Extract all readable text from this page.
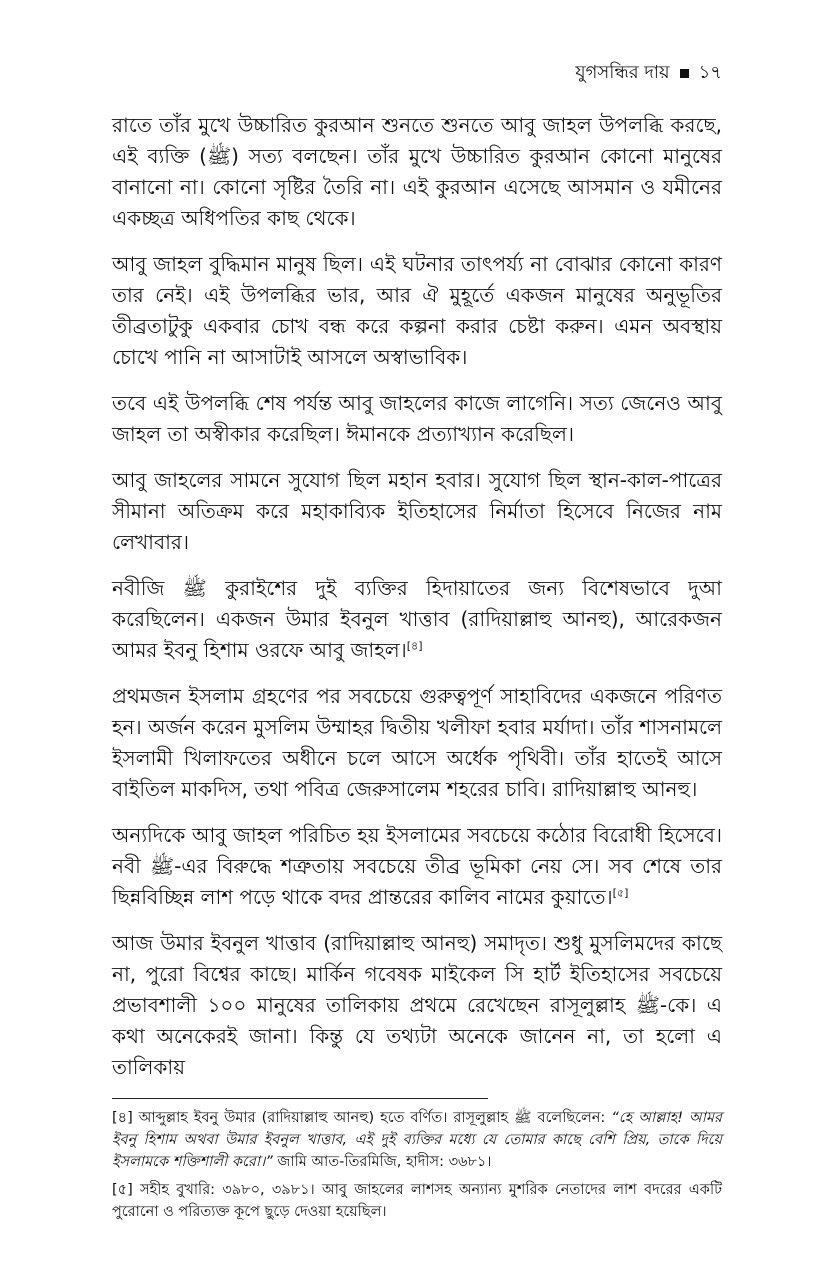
যুগসন্ধির দায় ১৭

রাতে তাঁর মুখে উচ্চারিত কুরআন শুনতে শুনতে আবু জাহল উপলব্ধি করছে, এই ব্যক্তি (ﷺ) সত্য বলছেন। তাঁর মুখে উচ্চারিত কুরআন কোনো মানুষের বানানো না। কোনো সৃষ্টির তৈরি না। এই কুরআন এসেছে আসমান ও যমীনের একচ্ছত্র অধিপতির কাছ থেকে।

আবু জাহল বুদ্ধিমান মানুষ ছিল। এই ঘটনার তাৎপর্য্য না বোঝার কোনো কারণ তার নেই। এই উপলব্ধির ভার, আর ঐ মুহূর্তে একজন মানুষের অনুভূতির তীব্রতাটুকু একবার চোখ বন্ধ করে কল্পনা করার চেষ্টা করুন। এমন অবস্থায় চোখে পানি না আসাটাই আসলে অস্বাভাবিক।

তবে এই উপলব্ধি শেষ পর্যন্ত আবু জাহলের কাজে লাগেনি। সত্য জেনেও আবু জাহল তা অস্বীকার করেছিল। ঈমানকে প্রত্যাখ্যান করেছিল।

আবু জাহলের সামনে সুযোগ ছিল মহান হবার। সুযোগ ছিল স্থান-কাল-পাত্রের সীমানা অতিক্রম করে মহাকাব্যিক ইতিহাসের নির্মাতা হিসেবে নিজের নাম লেখাবার।

নবীজি ﷺ কুরাইশের দুই ব্যক্তির হিদায়াতের জন্য বিশেষভাবে দুআ করেছিলেন। একজন উমার ইবনুল খাত্তাব (রাদিয়াল্লাহু আনহু), আরেকজন আমর ইবনু হিশাম ওরফে আবু জাহল।[৪]

প্রথমজন ইসলাম গ্রহণের পর সবচেয়ে গুরুত্বপূর্ণ সাহাবিদের একজনে পরিণত হন। অর্জন করেন মুসলিম উম্মাহর দ্বিতীয় খলীফা হবার মর্যাদা। তাঁর শাসনামলে ইসলামী খিলাফতের অধীনে চলে আসে অর্ধেক পৃথিবী। তাঁর হাতেই আসে বাইতিল মাকদিস, তথা পবিত্র জেরুসালেম শহরের চাবি। রাদিয়াল্লাহু আনহু।

অন্যদিকে আবু জাহল পরিচিত হয় ইসলামের সবচেয়ে কঠোর বিরোধী হিসেবে। নবী ﷺ-এর বিরুদ্ধে শত্রুতায় সবচেয়ে তীব্র ভূমিকা নেয় সে। সব শেষে তার ছিন্নবিচ্ছিন্ন লাশ পড়ে থাকে বদর প্রান্তরের কালিব নামের কুয়াতে।[৫]

আজ উমার ইবনুল খাত্তাব (রাদিয়াল্লাহু আনহু) সমাদৃত। শুধু মুসলিমদের কাছে না, পুরো বিশ্বের কাছে। মার্কিন গবেষক মাইকেল সি হার্ট ইতিহাসের সবচেয়ে প্রভাবশালী ১০০ মানুষের তালিকায় প্রথমে রেখেছেন রাসূলুল্লাহ ﷺ-কে। এ কথা অনেকেরই জানা। কিন্তু যে তথ্যটা অনেকে জানেন না, তা হলো এ তালিকায়

[৪] আব্দুল্লাহ ইবনু উমার (রাদিয়াল্লাহু আনহু) হতে বর্ণিত। রাসূলুল্লাহ ﷺ বলেছিলেন: “হে আল্লাহ! আমর ইবনু হিশাম অথবা উমার ইবনুল খাত্তাব, এই দুই ব্যক্তির মধ্যে যে তোমার কাছে বেশি প্রিয়, তাকে দিয়ে ইসলামকে শক্তিশালী করো।” জামি আত-তিরমিজি, হাদীস: ৩৬৮১।

[৫] সহীহ বুখারি: ৩৯৮০, ৩৯৮১। আবু জাহলের লাশসহ অন্যান্য মুশরিক নেতাদের লাশ বদরের একটি পুরোনো ও পরিত্যক্ত কূপে ছুড়ে দেওয়া হয়েছিল।
